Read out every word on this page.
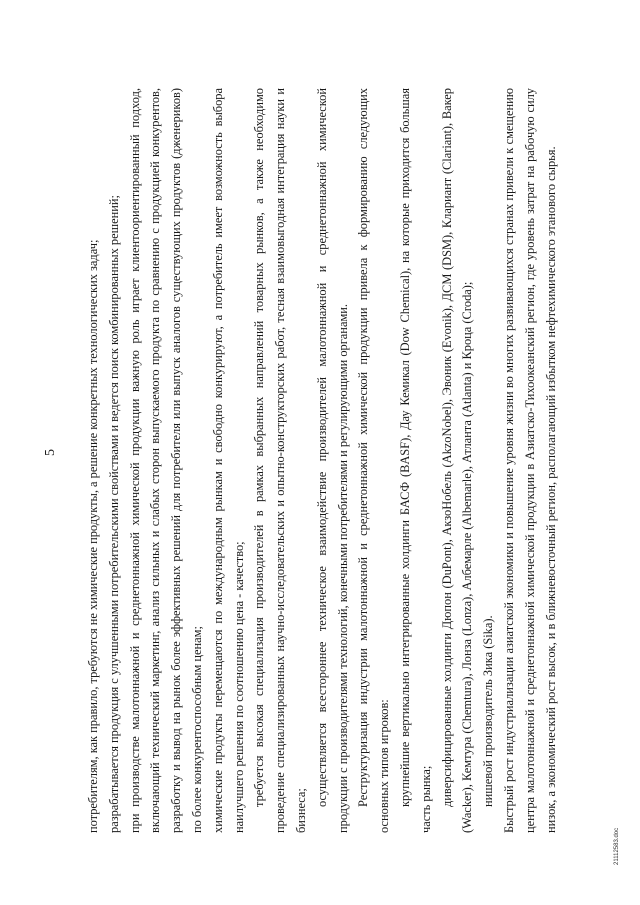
5 потребителям, как правило, требуются не химические продукты, а решение конкретных технологических задач; разрабатывается продукция с улучшенными потребительскими свойствами и ведется поиск комбинированных решений; при производстве малотоннажной и среднетоннажной химической продукции важную роль играет клиентоориентированный подход, включающий технический маркетинг, анализ сильных и слабых сторон выпускаемого продукта по сравнению с продукцией конкурентов, разработку и вывод на рынок более эффективных решений для потребителя или выпуск аналогов существующих продуктов (дженериков) по более конкурентоспособным ценам; химические продукты перемещаются по международным рынкам и свободно конкурируют, а потребитель имеет возможность выбора наилучшего решения по соотношению цена - качество; требуется высокая специализация производителей в рамках выбранных направлений товарных рынков, а также необходимо проведение специализированных научно-исследовательских и опытно-конструкторских работ, тесная взаимовыгодная интеграция науки и бизнеса;

осуществляется всестороннее техническое взаимодействие производителей малотоннажной и среднетоннажной химической продукции с производителями технологий, конечными потребителями и регулирующими органами. Реструктуризация индустрии малотоннажной и среднетоннажной химической продукции привела к формированию следующих основных типов игроков: крупнейшие вертикально интегрированные холдинги БАСФ (BASF), Дау Кемикал (Dow Chemical), на которые приходится большая часть рынка; диверсифицированные холдинги Дюпон (DuPont), АкзоНобель (AkzoNobel), Эвоник (Evonik), ДСМ (DSM), Клариант (Clariant), Вакер (Wacker), Кемтура (Chemtura), Лонза (Lonza), Албемарле (Albemarle), Атланта (Atlanta) и Кроца (Croda); нишевой производитель Зика (Sika). Быстрый рост индустриализации азиатской экономики и повышение уровня жизни во многих развивающихся странах привели к смещению центра малотоннажной и среднетоннажной химической продукции в Азиатско-Тихоокеанский регион, где уровень затрат на рабочую силу низок, а экономический рост высок, и в ближневосточный регион, располагающий избытком нефтехимического этанового сырья.

21112583.doc
